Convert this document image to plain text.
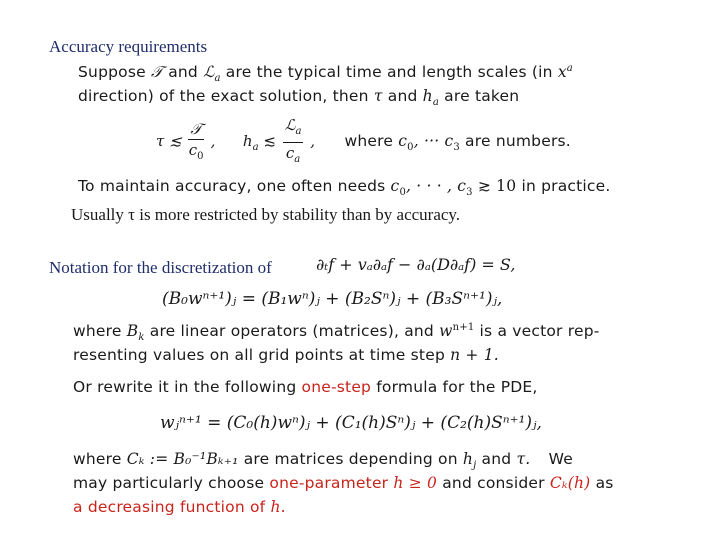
Accuracy requirements
Suppose 𝒯 and ℒ$_a$ are the typical time and length scales (in $x^a$
direction) of the exact solution, then τ and $h_a$ are taken
τ ≲ $\frac{\text{𝒯}}{c_0}$ , $h_a$ ≲ $\frac{ℒ_a}{c_a}$ , where $c_0$, ··· $c_3$ are numbers.
To maintain accuracy, one often needs $c_0$, · · · , $c_3$ ≳ 10 in practice.
Usually τ is more restricted by stability than by accuracy.
Notation for the discretization of	∂ₜf + vₐ∂ₐf − ∂ₐ(D∂ₐf) = S,
(B₀wⁿ⁺¹)ⱼ = (B₁wⁿ)ⱼ + (B₂Sⁿ)ⱼ + (B₃Sⁿ⁺¹)ⱼ,
where $B_k$ are linear operators (matrices), and $w^{n+1}$ is a vector rep-
resenting values on all grid points at time step n + 1.
Or rewrite it in the following one-step formula for the PDE,
wⱼⁿ⁺¹ = (C₀(h)wⁿ)ⱼ + (C₁(h)Sⁿ)ⱼ + (C₂(h)Sⁿ⁺¹)ⱼ,
where Cₖ := B₀⁻¹Bₖ₊₁ are matrices depending on $h_j$ and τ. We
may particularly choose one-parameter h ≥ 0 and consider Cₖ(h) as
a decreasing function of h.
